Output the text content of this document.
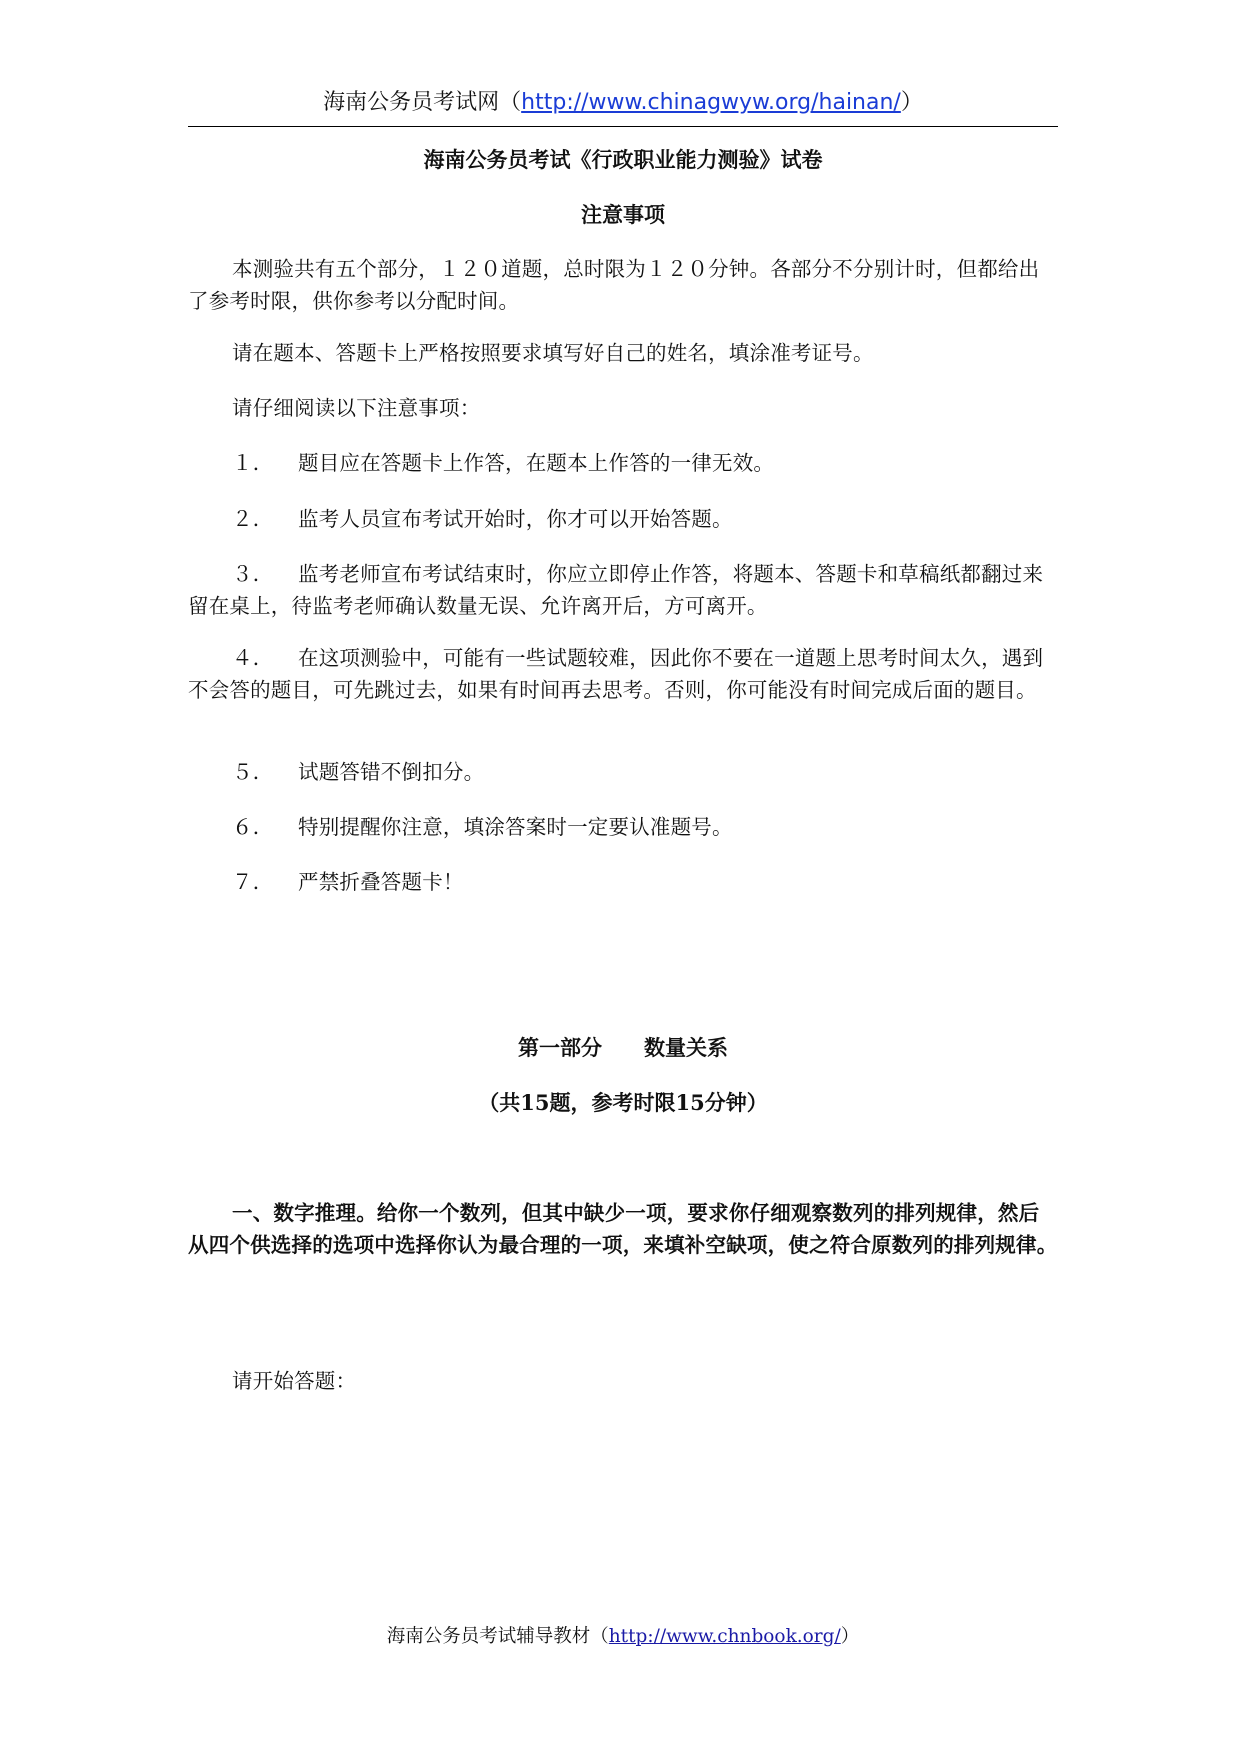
海南公务员考试网（http://www.chinagwyw.org/hainan/）
海南公务员考试《行政职业能力测验》试卷
注意事项

本测验共有五个部分，１２０道题，总时限为１２０分钟。各部分不分别计时，但都给出了参考时限，供你参考以分配时间。

请在题本、答题卡上严格按照要求填写好自己的姓名，填涂准考证号。

请仔细阅读以下注意事项：

１． 题目应在答题卡上作答，在题本上作答的一律无效。

２． 监考人员宣布考试开始时，你才可以开始答题。

３． 监考老师宣布考试结束时，你应立即停止作答，将题本、答题卡和草稿纸都翻过来留在桌上，待监考老师确认数量无误、允许离开后，方可离开。

４． 在这项测验中，可能有一些试题较难，因此你不要在一道题上思考时间太久，遇到不会答的题目，可先跳过去，如果有时间再去思考。否则，你可能没有时间完成后面的题目。

５． 试题答错不倒扣分。

６． 特别提醒你注意，填涂答案时一定要认准题号。

７． 严禁折叠答题卡！

第一部分　　数量关系
（共15题，参考时限15分钟）

一、数字推理。给你一个数列，但其中缺少一项，要求你仔细观察数列的排列规律，然后从四个供选择的选项中选择你认为最合理的一项，来填补空缺项，使之符合原数列的排列规律。

请开始答题：

海南公务员考试辅导教材（http://www.chnbook.org/）
